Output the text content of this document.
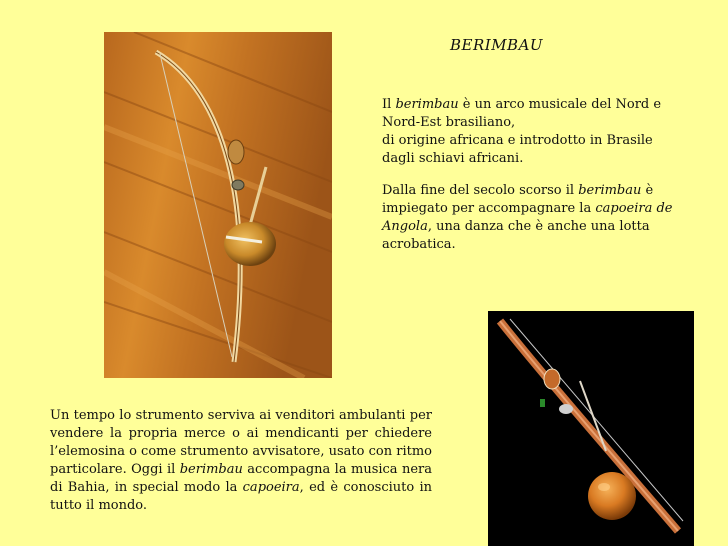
BERIMBAU
Il berimbau è un arco musicale del Nord e Nord-Est brasiliano,
di origine africana e introdotto in Brasile dagli schiavi africani.
Dalla fine del secolo scorso il berimbau è impiegato per accompagnare la capoeira de Angola, una danza che è anche una lotta acrobatica.
Un tempo lo strumento serviva ai venditori ambulanti per vendere la propria merce o ai mendicanti per chiedere l’elemosina o come strumento avvisatore, usato con ritmo particolare. Oggi il berimbau accompagna la musica nera di Bahia, in special modo la capoeira, ed è conosciuto in tutto il mondo.
